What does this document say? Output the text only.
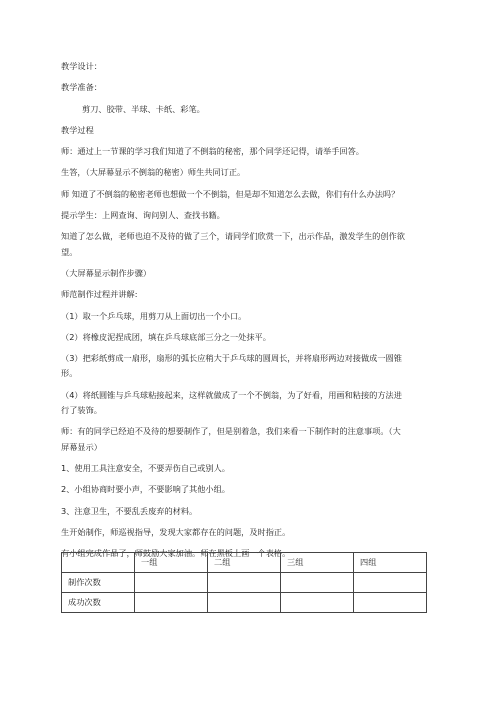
教学设计：

教学准备：

剪刀、胶带、半球、卡纸、彩笔。

教学过程

师：通过上一节课的学习我们知道了不倒翁的秘密，那个同学还记得，请举手回答。

生答，（大屏幕显示不倒翁的秘密）师生共同订正。

师 知道了不倒翁的秘密老师也想做一个不倒翁，但是却不知道怎么去做，你们有什么办法吗？

提示学生：上网查询、询问别人、查找书籍。

知道了怎么做，老师也迫不及待的做了三个，请同学们欣赏一下，出示作品，激发学生的创作欲

望。

（大屏幕显示制作步骤）

师范制作过程并讲解:

（1）取一个乒乓球，用剪刀从上面切出一个小口。

（2）将橡皮泥捏成团，填在乒乓球底部三分之一处抹平。

（3）把彩纸剪成一扇形，扇形的弧长应稍大于乒乓球的圆周长，并将扇形两边对接做成一圆锥

形。

（4）将纸圆锥与乒乓球粘接起来，这样就做成了一个不倒翁，为了好看，用画和粘接的方法进

行了装饰。

师：有的同学已经迫不及待的想要制作了，但是别着急，我们来看一下制作时的注意事项。（大

屏幕显示）

1、使用工具注意安全，不要弄伤自己或别人。

2、小组协商时要小声，不要影响了其他小组。

3、注意卫生，不要乱丢废弃的材料。

生开始制作，师巡视指导，发现大家都存在的问题，及时指正。

有小组完成作品了，师鼓励大家加油。师在黑板上画一个表格。

	一组	二组	三组	四组
制作次数				
成功次数				
